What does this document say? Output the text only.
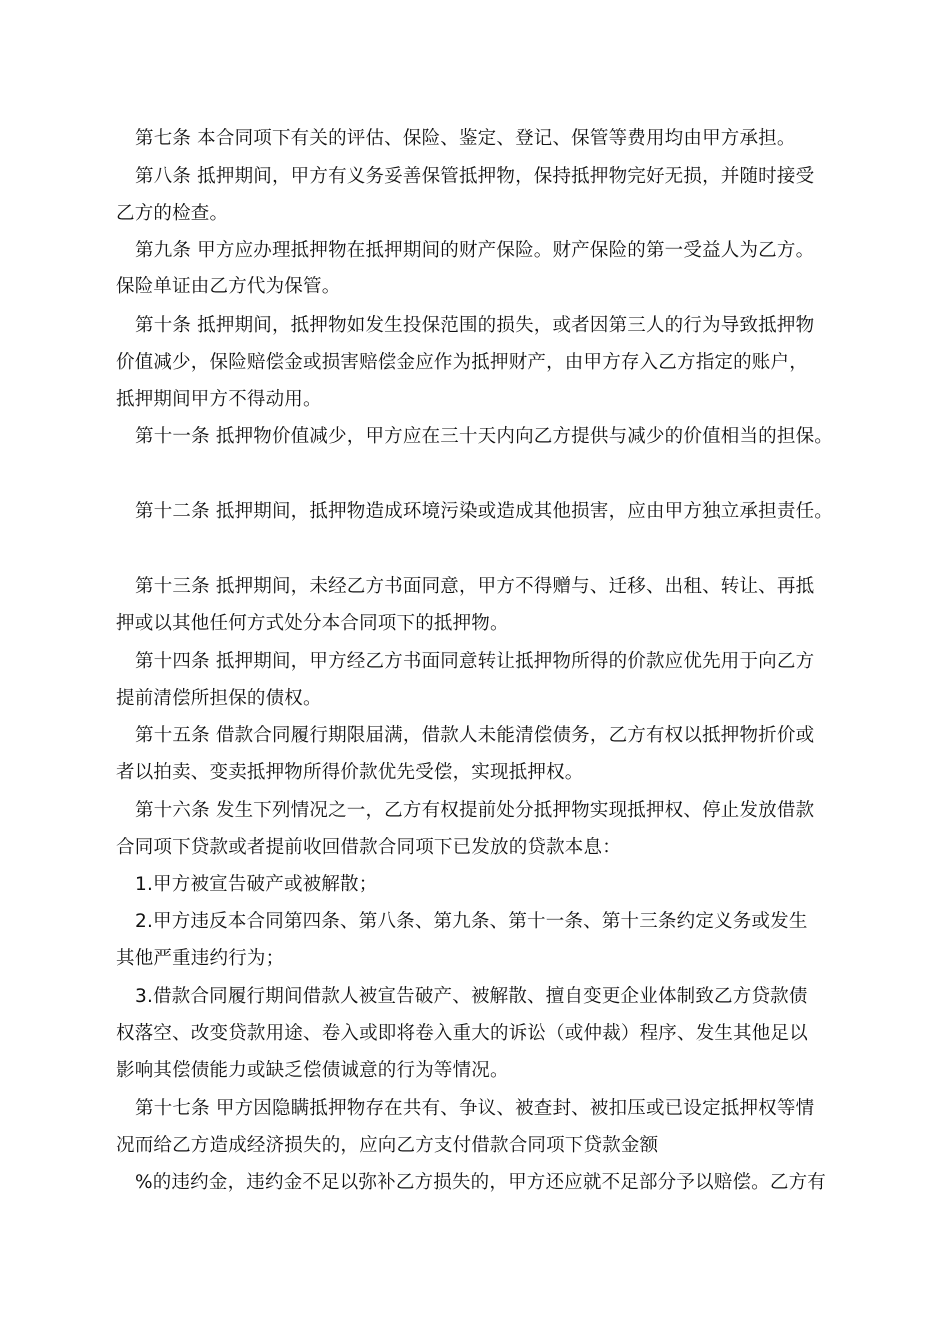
第七条 本合同项下有关的评估、保险、鉴定、登记、保管等费用均由甲方承担。
第八条 抵押期间，甲方有义务妥善保管抵押物，保持抵押物完好无损，并随时接受
乙方的检查。
第九条 甲方应办理抵押物在抵押期间的财产保险。财产保险的第一受益人为乙方。
保险单证由乙方代为保管。
第十条 抵押期间，抵押物如发生投保范围的损失，或者因第三人的行为导致抵押物
价值减少，保险赔偿金或损害赔偿金应作为抵押财产，由甲方存入乙方指定的账户，
抵押期间甲方不得动用。
第十一条 抵押物价值减少，甲方应在三十天内向乙方提供与减少的价值相当的担保。
第十二条 抵押期间，抵押物造成环境污染或造成其他损害，应由甲方独立承担责任。
第十三条 抵押期间，未经乙方书面同意，甲方不得赠与、迁移、出租、转让、再抵
押或以其他任何方式处分本合同项下的抵押物。
第十四条 抵押期间，甲方经乙方书面同意转让抵押物所得的价款应优先用于向乙方
提前清偿所担保的债权。
第十五条 借款合同履行期限届满，借款人未能清偿债务，乙方有权以抵押物折价或
者以拍卖、变卖抵押物所得价款优先受偿，实现抵押权。
第十六条 发生下列情况之一，乙方有权提前处分抵押物实现抵押权、停止发放借款
合同项下贷款或者提前收回借款合同项下已发放的贷款本息：
1.甲方被宣告破产或被解散；
2.甲方违反本合同第四条、第八条、第九条、第十一条、第十三条约定义务或发生
其他严重违约行为；
3.借款合同履行期间借款人被宣告破产、被解散、擅自变更企业体制致乙方贷款债
权落空、改变贷款用途、卷入或即将卷入重大的诉讼（或仲裁）程序、发生其他足以
影响其偿债能力或缺乏偿债诚意的行为等情况。
第十七条 甲方因隐瞒抵押物存在共有、争议、被查封、被扣压或已设定抵押权等情
况而给乙方造成经济损失的，应向乙方支付借款合同项下贷款金额
%的违约金，违约金不足以弥补乙方损失的，甲方还应就不足部分予以赔偿。乙方有
